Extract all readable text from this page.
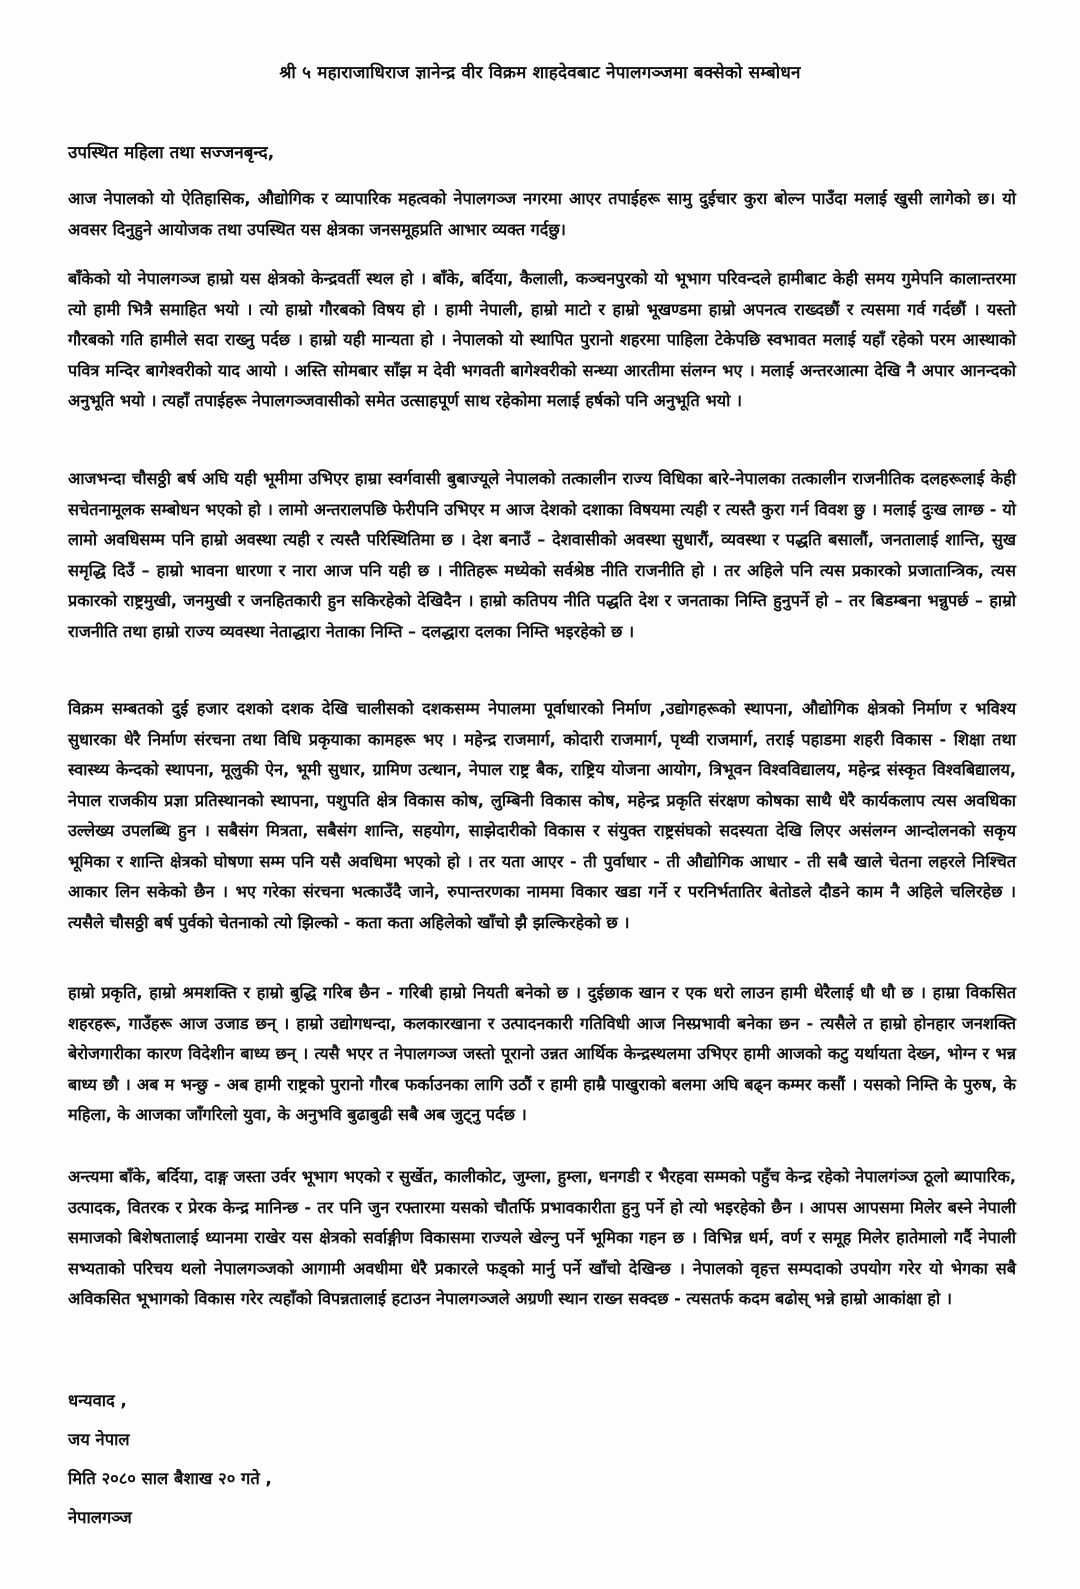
श्री ५ महाराजाधिराज ज्ञानेन्द्र वीर विक्रम शाहदेवबाट नेपालगञ्जमा बक्सेको सम्बोधन
उपस्थित महिला तथा सज्जनबृन्द,
आज नेपालको यो ऐतिहासिक, औद्योगिक र व्यापारिक महत्वको नेपालगञ्ज नगरमा आएर तपाईहरू सामु दुईचार कुरा बोल्न पाउँदा मलाई खुसी लागेको छ। यो अवसर दिनुहुने आयोजक तथा उपस्थित यस क्षेत्रका जनसमूहप्रति आभार व्यक्त गर्दछु।
बाँकेको यो नेपालगञ्ज हाम्रो यस क्षेत्रको केन्द्रवर्ती स्थल हो । बाँके, बर्दिया, कैलाली, कञ्चनपुरको यो भूभाग परिवन्दले हामीबाट केही समय गुमेपनि कालान्तरमा त्यो हामी भित्रै समाहित भयो । त्यो हाम्रो गौरबको विषय हो । हामी नेपाली, हाम्रो माटो र हाम्रो भूखण्डमा हाम्रो अपनत्व राख्दछौं र त्यसमा गर्व गर्दछौं । यस्तो गौरबको गति हामीले सदा राख्नु पर्दछ । हाम्रो यही मान्यता हो । नेपालको यो स्थापित पुरानो शहरमा पाहिला टेकेपछि स्वभावत मलाई यहाँ रहेको परम आस्थाको पवित्र मन्दिर बागेश्वरीको याद आयो । अस्ति सोमबार साँझ म देवी भगवती बागेश्वरीको सन्ध्या आरतीमा संलग्न भए । मलाई अन्तरआत्मा देखि नै अपार आनन्दको अनुभूति भयो । त्यहाँ तपाईहरू नेपालगञ्जवासीको समेत उत्साहपूर्ण साथ रहेकोमा मलाई हर्षको पनि अनुभूति भयो ।
आजभन्दा चौसठ्ठी बर्ष अघि यही भूमीमा उभिएर हाम्रा स्वर्गवासी बुबाज्यूले नेपालको तत्कालीन राज्य विधिका बारे-नेपालका तत्कालीन राजनीतिक दलहरूलाई केही सचेतनामूलक सम्बोधन भएको हो । लामो अन्तरालपछि फेरीपनि उभिएर म आज देशको दशाका विषयमा त्यही र त्यस्तै कुरा गर्न विवश छु । मलाई दुःख लाग्छ - यो लामो अवधिसम्म पनि हाम्रो अवस्था त्यही र त्यस्तै परिस्थितिमा छ । देश बनाउँ – देशवासीको अवस्था सुधारौं, व्यवस्था र पद्धति बसालौं, जनतालाई शान्ति, सुख समृद्धि दिउँ – हाम्रो भावना धारणा र नारा आज पनि यही छ । नीतिहरू मध्येको सर्वश्रेष्ठ नीति राजनीति हो । तर अहिले पनि त्यस प्रकारको प्रजातान्त्रिक, त्यस प्रकारको राष्ट्रमुखी, जनमुखी र जनहितकारी हुन सकिरहेको देखिदैन । हाम्रो कतिपय नीति पद्धति देश र जनताका निम्ति हुनुपर्ने हो – तर बिडम्बना भन्नुपर्छ – हाम्रो राजनीति तथा हाम्रो राज्य व्यवस्था नेताद्धारा नेताका निम्ति – दलद्धारा दलका निम्ति भइरहेको छ ।
विक्रम सम्बतको दुई हजार दशको दशक देखि चालीसको दशकसम्म नेपालमा पूर्वाधारको निर्माण ,उद्योगहरूको स्थापना, औद्योगिक क्षेत्रको निर्माण र भविश्य सुधारका धेरै निर्माण संरचना तथा विधि प्रकृयाका कामहरू भए । महेन्द्र राजमार्ग, कोदारी राजमार्ग, पृथ्वी राजमार्ग, तराई पहाडमा शहरी विकास - शिक्षा तथा स्वास्थ्य केन्दको स्थापना, मूलुकी ऐन, भूमी सुधार, ग्रामिण उत्थान, नेपाल राष्ट्र बैक, राष्ट्रिय योजना आयोग, त्रिभूवन विश्वविद्यालय, महेन्द्र संस्कृत विश्वबिद्यालय, नेपाल राजकीय प्रज्ञा प्रतिस्थानको स्थापना, पशुपति क्षेत्र विकास कोष, लुम्बिनी विकास कोष, महेन्द्र प्रकृति संरक्षण कोषका साथै धेरै कार्यकलाप त्यस अवधिका उल्लेख्य उपलब्धि हुन । सबैसंग मित्रता, सबैसंग शान्ति, सहयोग, साझेदारीको विकास र संयुक्त राष्ट्रसंघको सदस्यता देखि लिएर असंलग्न आन्दोलनको सकृय भूमिका र शान्ति क्षेत्रको घोषणा सम्म पनि यसै अवधिमा भएको हो । तर यता आएर - ती पुर्वाधार - ती औद्योगिक आधार - ती सबै खाले चेतना लहरले निश्चित आकार लिन सकेको छैन । भए गरेका संरचना भत्काउँदै जाने, रुपान्तरणका नाममा विकार खडा गर्ने र परनिर्भतातिर बेतोडले दौडने काम नै अहिले चलिरहेछ । त्यसैले चौसठ्ठी बर्ष पुर्वको चेतनाको त्यो झिल्को - कता कता अहिलेको खाँचो झै झल्किरहेको छ ।
हाम्रो प्रकृति, हाम्रो श्रमशक्ति र हाम्रो बुद्धि गरिब छैन - गरिबी हाम्रो नियती बनेको छ । दुईछाक खान र एक धरो लाउन हामी धेरैलाई धौ धौ छ । हाम्रा विकसित शहरहरू, गाउँहरू आज उजाड छन् । हाम्रो उद्योगधन्दा, कलकारखाना र उत्पादनकारी गतिविधी आज निस्प्रभावी बनेका छन - त्यसैले त हाम्रो होनहार जनशक्ति बेरोजगारीका कारण विदेशीन बाध्य छन् । त्यसै भएर त नेपालगञ्ज जस्तो पूरानो उन्नत आर्थिक केन्द्रस्थलमा उभिएर हामी आजको कटु यर्थायता देख्न, भोग्न र भन्न बाध्य छौ । अब म भन्छु - अब हामी राष्ट्रको पुरानो गौरब फर्काउनका लागि उठौं र हामी हाम्रै पाखुराको बलमा अघि बढ्न कम्मर कसौं । यसको निम्ति के पुरुष, के महिला, के आजका जाँगरिलो युवा, के अनुभवि बुढाबुढी सबै अब जुट्नु पर्दछ ।
अन्त्यमा बाँके, बर्दिया, दाङ्ग जस्ता उर्वर भूभाग भएको र सुर्खेत, कालीकोट, जुम्ला, हुम्ला, धनगडी र भैरहवा सम्मको पहुँच केन्द्र रहेको नेपालगंञ्ज ठूलो ब्यापारिक, उत्पादक, वितरक र प्रेरक केन्द्र मानिन्छ - तर पनि जुन रफ्तारमा यसको चौतर्फि प्रभावकारीता हुनु पर्ने हो त्यो भइरहेको छैन । आपस आपसमा मिलेर बस्ने नेपाली समाजको बिशेषतालाई ध्यानमा राखेर यस क्षेत्रको सर्वाङ्गीण विकासमा राज्यले खेल्नु पर्ने भूमिका गहन छ । विभिन्न धर्म, वर्ण र समूह मिलेर हातेमालो गर्दै नेपाली सभ्यताको परिचय थलो नेपालगञ्जको आगामी अवधीमा धेरै प्रकारले फड्को मार्नु पर्ने खाँचो देखिन्छ । नेपालको वृहत्त सम्पदाको उपयोग गरेर यो भेगका सबै अविकसित भूभागको विकास गरेर त्यहाँको विपन्नतालाई हटाउन नेपालगञ्जले अग्रणी स्थान राख्न सक्दछ - त्यसतर्फ कदम बढोस् भन्ने हाम्रो आकांक्षा हो ।
धन्यवाद ,
जय नेपाल
मिति २०८० साल बैशाख २० गते ,
नेपालगञ्ज
